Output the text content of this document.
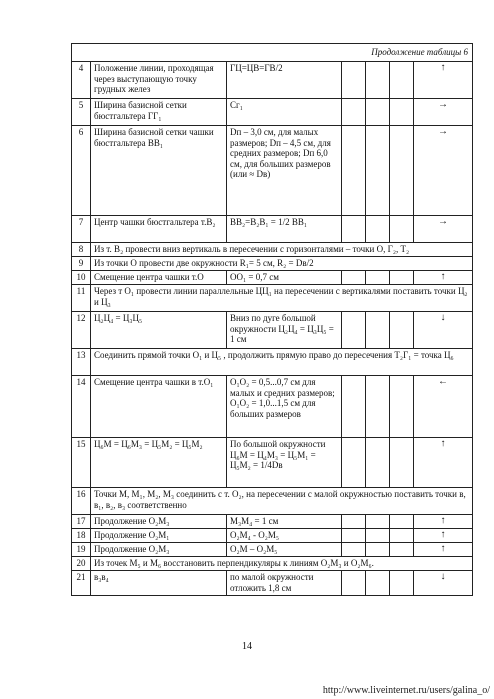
Продолжение таблицы 6						
4	Положение линии, проходящая через выступающую точку грудных желез	ГЦ=ЦВ=ГВ/2				↑
5	Ширина базисной сетки бюстгальтера ГГ₁	Сг₁				→
6	Ширина базисной сетки чашки бюстгальтера ВВ₁	Dп – 3,0 см, для малых размеров; Dп – 4,5 см, для средних размеров; Dп 6,0 см, для больших размеров (или ≈ Dв)				→
7	Центр чашки бюстгальтера т.В₂	ВВ₂=В₂В₁ = 1/2 ВВ₁				→
8	Из т. В₂ провести вниз вертикаль в пересечении с горизонталями – точки О, Г₂, Т₂					
9	Из точки О провести две окружности R₁= 5 см, R₂ = Dв/2					
10	Смещение центра чашки т.О	ОО₁ = 0,7 см				↑
11	Через т О₁ провести линии параллельные ЦЦ₁ на пересечении с вертикалями поставить точки Ц₂ и Ц₃					
12	Ц₂Ц₄ = Ц₃Ц₅	Вниз по дуге большой окружности Ц₂Ц₄ = Ц₃Ц₅ = 1 см				↓
13	Соединить прямой точки О₁ и Ц₅ , продолжить прямую право до пересечения Т₂Г₁ = точка Ц₆					
14	Смещение центра чашки в т.О₁	О₁О₂ = 0,5...0,7 см для малых и средних размеров; О₁О₂ = 1,0...1,5 см для больших размеров				←
15	Ц₆М = Ц₆М₃ = Ц₅М₂ = Ц₅М₂	По большой окружности Ц₆М = Ц₄М₃ = Ц₅М₁ = Ц₅М₂ = 1/4Dв				↑
16	Точки М, М₁, М₂, М₃ соединить с т. О₂, на пересечении с малой окружностью поставить точки в, в₁, в₂, в₃ соответственно					
17	Продолжение О₂М₃	М₃М₄ = 1 см				↑
18	Продолжение О₂М₁	О₂М₄ - О₂М₅				↑
19	Продолжение О₂М₃	О₂М – О₂М₅				↑
20	Из точек М₅ и М₆ восстановить перпендикуляры к линиям О₂М₃ и О₂М₆.					
21	в₃в₄	по малой окружности отложить 1,8 см				↓
14
http://www.liveinternet.ru/users/galina_o/
